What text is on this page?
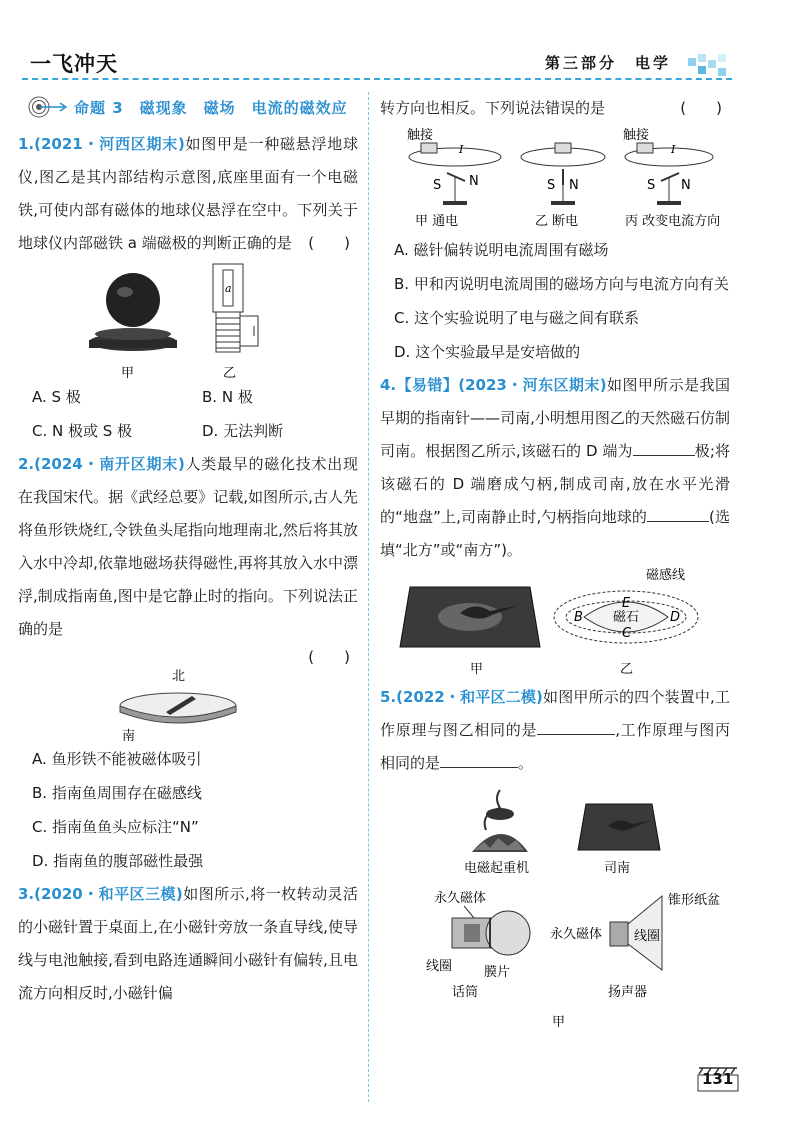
一飞冲天	第三部分　电学
命题 3　磁现象　磁场　电流的磁效应
1.(2021・河西区期末)如图甲是一种磁悬浮地球仪,图乙是其内部结构示意图,底座里面有一个电磁铁,可使内部有磁体的地球仪悬浮在空中。下列关于地球仪内部磁铁 a 端磁极的判断正确的是 (　　)
a
甲	乙
A. S 极	B. N 极
C. N 极或 S 极	D. 无法判断
2.(2024・南开区期末)人类最早的磁化技术出现在我国宋代。据《武经总要》记载,如图所示,古人先将鱼形铁烧红,令铁鱼头尾指向地理南北,然后将其放入水中冷却,依靠地磁场获得磁性,再将其放入水中漂浮,制成指南鱼,图中是它静止时的指向。下列说法正确的是
(　　)
北
南
A. 鱼形铁不能被磁体吸引
B. 指南鱼周围存在磁感线
C. 指南鱼鱼头应标注“N”
D. 指南鱼的腹部磁性最强
3.(2020・和平区三模)如图所示,将一枚转动灵活的小磁针置于桌面上,在小磁针旁放一条直导线,使导线与电池触接,看到电路连通瞬间小磁针有偏转,且电流方向相反时,小磁针偏
转方向也相反。下列说法错误的是	(　　)
触接
I
S N
甲 通电
S N
乙 断电
触接
I
S N
丙 改变电流方向
A. 磁针偏转说明电流周围有磁场
B. 甲和丙说明电流周围的磁场方向与电流方向有关
C. 这个实验说明了电与磁之间有联系
D. 这个实验最早是安培做的
4.【易错】(2023・河东区期末)如图甲所示是我国早期的指南针——司南,小明想用图乙的天然磁石仿制司南。根据图乙所示,该磁石的 D 端为	极;将该磁石的 D 端磨成勺柄,制成司南,放在水平光滑的“地盘”上,司南静止时,勺柄指向地球的	(选填“北方”或“南方”)。
甲
磁感线
磁石
B	D
E
C
乙
5.(2022・和平区二模)如图甲所示的四个装置中,工作原理与图乙相同的是	,工作原理与图丙相同的是	。
电磁起重机	司南
永久磁体
线圈 膜片
话筒
永久磁体
锥形纸盆
线圈
扬声器
甲
131
